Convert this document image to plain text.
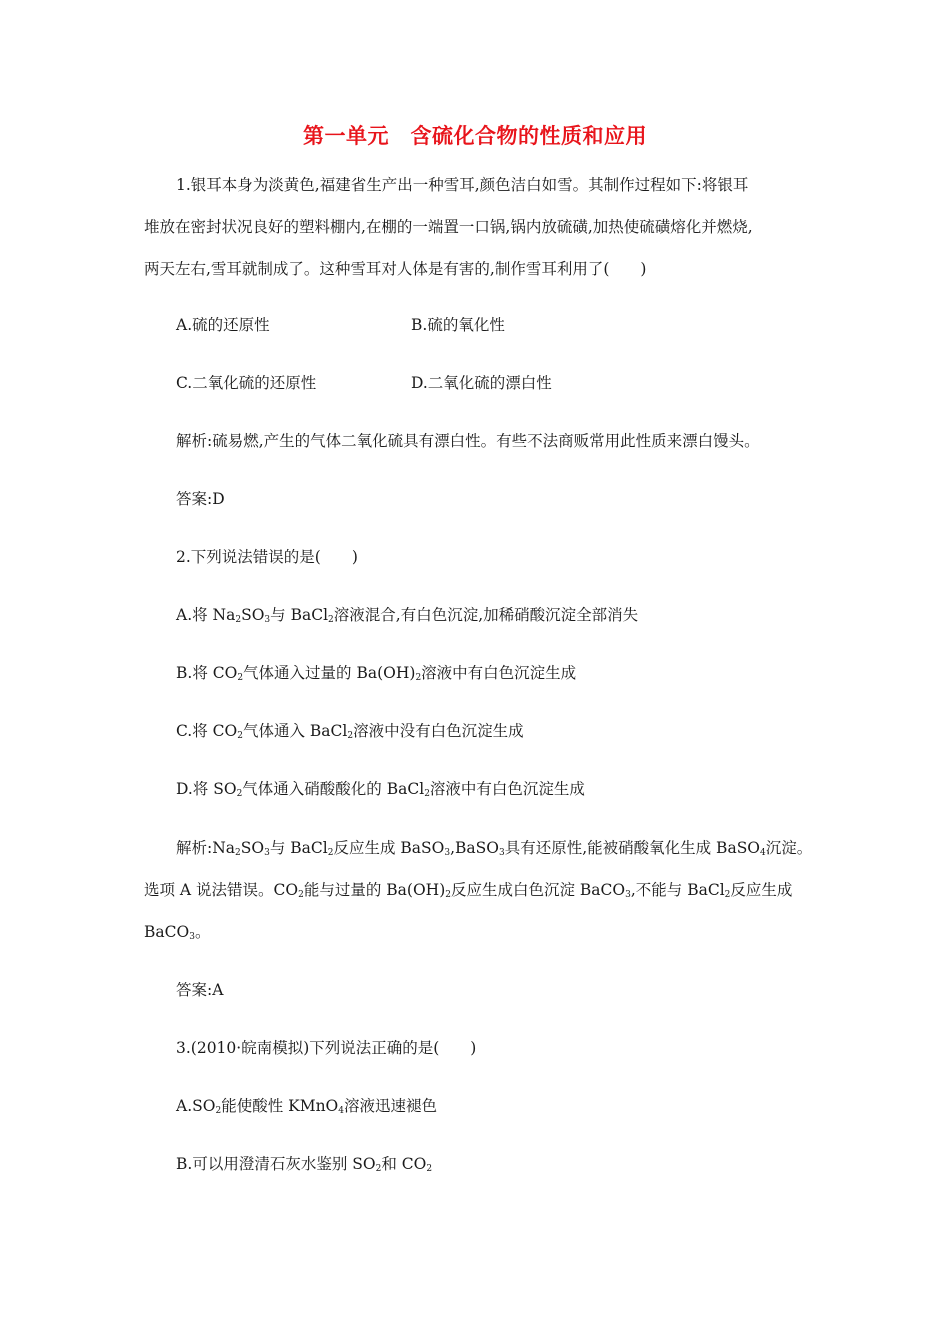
第一单元　含硫化合物的性质和应用
1.银耳本身为淡黄色,福建省生产出一种雪耳,颜色洁白如雪。其制作过程如下:将银耳
堆放在密封状况良好的塑料棚内,在棚的一端置一口锅,锅内放硫磺,加热使硫磺熔化并燃烧,
两天左右,雪耳就制成了。这种雪耳对人体是有害的,制作雪耳利用了(　　)
A.硫的还原性	B.硫的氧化性
C.二氧化硫的还原性	D.二氧化硫的漂白性
解析:硫易燃,产生的气体二氧化硫具有漂白性。有些不法商贩常用此性质来漂白馒头。
答案:D
2.下列说法错误的是(　　)
A.将 $Na_2SO_3$与 BaCl$_2$溶液混合,有白色沉淀,加稀硝酸沉淀全部消失
B.将 $CO_2$气体通入过量的 $Ba(OH)_2$溶液中有白色沉淀生成
C.将 $CO_2$气体通入 BaCl$_2$溶液中没有白色沉淀生成
D.将 $SO_2$气体通入硝酸酸化的 BaCl$_2$溶液中有白色沉淀生成
解析$:Na_2SO_3$与 BaCl$_2$反应生成 BaSO$_3$,BaSO$_3$具有还原性,能被硝酸氧化生成 BaSO$_4$沉淀。
选项 A 说法错误。$CO_2$能与过量的 $Ba(OH)_2$反应生成白色沉淀 BaCO$_3$,不能与 BaCl$_2$反应生成
BaCO$_3$。
答案:A
3.(2010·皖南模拟)下列说法正确的是(　　)
$A.SO_2$能使酸性 KMnO$_4$溶液迅速褪色
B.可以用澄清石灰水鉴别 $SO_2$和 $CO_2$
